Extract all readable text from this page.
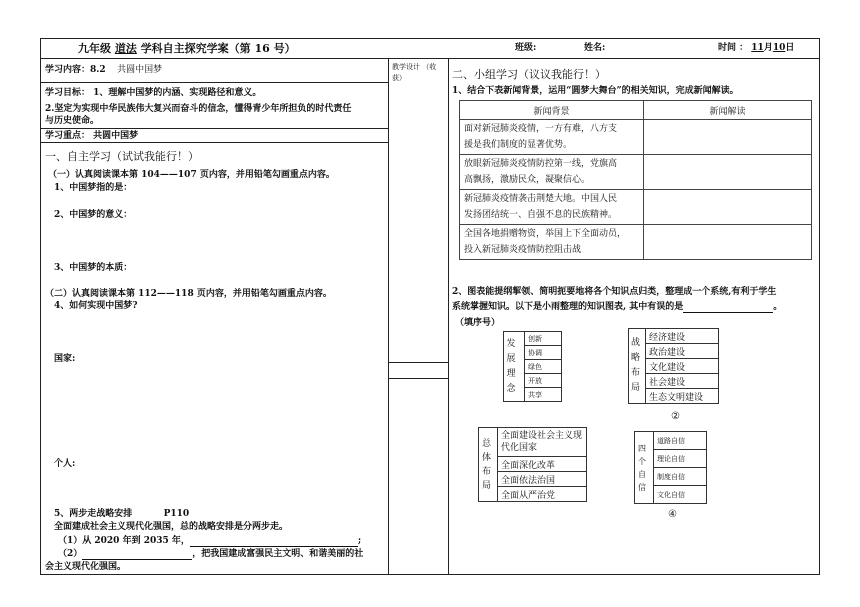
九年级 道法 学科自主探究学案（第 16 号）	班级:	姓名:	时间 ： 11月10日
学习内容：8.2 共圆中国梦
学习目标： 1、理解中国梦的内涵、实现路径和意义。
2.坚定为实现中华民族伟大复兴而奋斗的信念，懂得青少年所担负的时代责任
与历史使命。
学习重点： 共圆中国梦
一、自主学习（试试我能行！）
（一）认真阅读课本第 104——107 页内容，并用铅笔勾画重点内容。
1、中国梦指的是：
2、中国梦的意义：
3、中国梦的本质：
（二）认真阅读课本第 112——118 页内容，并用铅笔勾画重点内容。
4、如何实现中国梦?
国家:
个人:
5、两步走战略安排	P110
全面建成社会主义现代化强国，总的战略安排是分两步走。
（1）从 2020 年到 2035 年，	;
（2）	，把我国建成富强民主文明、和谐美丽的社
会主义现代化强国。
教学设计 （收获）	二、小组学习（议议我能行！）
1、结合下表新闻背景，运用“圆梦大舞台”的相关知识，完成新闻解读。
新闻背景	新闻解读
面对新冠肺炎疫情，一方有难，八方支
援是我们制度的显著优势。	
放眼新冠肺炎疫情防控第一线，党旗高
高飘扬，激励民众，凝聚信心。	
新冠肺炎疫情袭击荆楚大地。中国人民
发扬团结统一、自强不息的民族精神。	
全国各地捐赠物资，举国上下全面动员，
投入新冠肺炎疫情防控阻击战	
2、图表能提纲挈领、简明扼要地将各个知识点归类，整理成一个系统,有利于学生
系统掌握知识。以下是小雨整理的知识图表, 其中有误的是	。
（填序号）
发展理念
	创新
协调
绿色
开放
共享
战略布局
	经济建设
政治建设
文化建设
社会建设
生态文明建设
②
总体布局
	全面建设社会主义现代化国家
全面深化改革
全面依法治国
全面从严治党
四个自信
	道路自信
理论自信
制度自信
文化自信
④
